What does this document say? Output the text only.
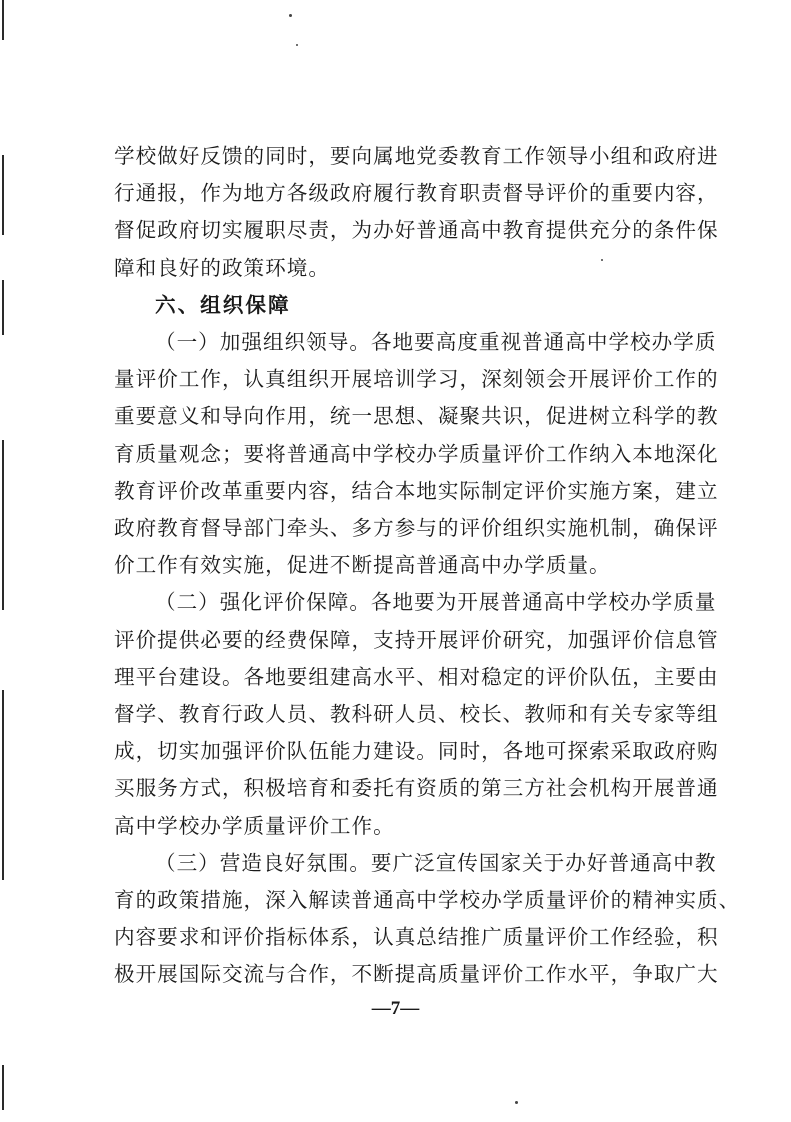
学校做好反馈的同时，要向属地党委教育工作领导小组和政府进
行通报，作为地方各级政府履行教育职责督导评价的重要内容，
督促政府切实履职尽责，为办好普通高中教育提供充分的条件保
障和良好的政策环境。

六、组织保障

（一）加强组织领导。各地要高度重视普通高中学校办学质
量评价工作，认真组织开展培训学习，深刻领会开展评价工作的
重要意义和导向作用，统一思想、凝聚共识，促进树立科学的教
育质量观念；要将普通高中学校办学质量评价工作纳入本地深化
教育评价改革重要内容，结合本地实际制定评价实施方案，建立
政府教育督导部门牵头、多方参与的评价组织实施机制，确保评
价工作有效实施，促进不断提高普通高中办学质量。

（二）强化评价保障。各地要为开展普通高中学校办学质量
评价提供必要的经费保障，支持开展评价研究，加强评价信息管
理平台建设。各地要组建高水平、相对稳定的评价队伍，主要由
督学、教育行政人员、教科研人员、校长、教师和有关专家等组
成，切实加强评价队伍能力建设。同时，各地可探索采取政府购
买服务方式，积极培育和委托有资质的第三方社会机构开展普通
高中学校办学质量评价工作。

（三）营造良好氛围。要广泛宣传国家关于办好普通高中教
育的政策措施，深入解读普通高中学校办学质量评价的精神实质、
内容要求和评价指标体系，认真总结推广质量评价工作经验，积
极开展国际交流与合作，不断提高质量评价工作水平，争取广大

—7—
